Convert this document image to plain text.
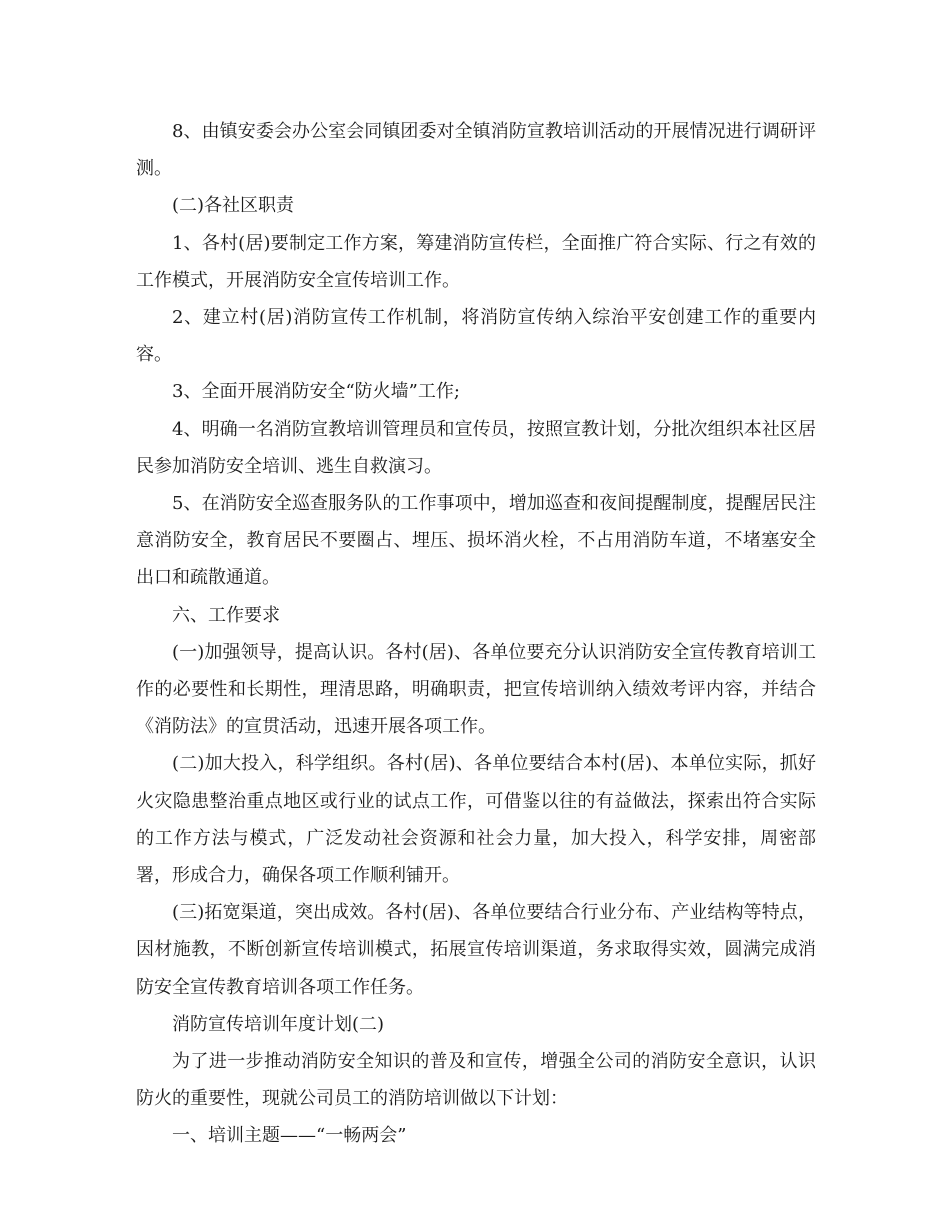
8、由镇安委会办公室会同镇团委对全镇消防宣教培训活动的开展情况进行调研评测。

(二)各社区职责

1、各村(居)要制定工作方案，筹建消防宣传栏，全面推广符合实际、行之有效的工作模式，开展消防安全宣传培训工作。

2、建立村(居)消防宣传工作机制，将消防宣传纳入综治平安创建工作的重要内容。

3、全面开展消防安全“防火墙”工作;

4、明确一名消防宣教培训管理员和宣传员，按照宣教计划，分批次组织本社区居民参加消防安全培训、逃生自救演习。

5、在消防安全巡查服务队的工作事项中，增加巡查和夜间提醒制度，提醒居民注意消防安全，教育居民不要圈占、埋压、损坏消火栓，不占用消防车道，不堵塞安全出口和疏散通道。

六、工作要求

(一)加强领导，提高认识。各村(居)、各单位要充分认识消防安全宣传教育培训工作的必要性和长期性，理清思路，明确职责，把宣传培训纳入绩效考评内容，并结合《消防法》的宣贯活动，迅速开展各项工作。

(二)加大投入，科学组织。各村(居)、各单位要结合本村(居)、本单位实际，抓好火灾隐患整治重点地区或行业的试点工作，可借鉴以往的有益做法，探索出符合实际的工作方法与模式，广泛发动社会资源和社会力量，加大投入，科学安排，周密部署，形成合力，确保各项工作顺利铺开。

(三)拓宽渠道，突出成效。各村(居)、各单位要结合行业分布、产业结构等特点，因材施教，不断创新宣传培训模式，拓展宣传培训渠道，务求取得实效，圆满完成消防安全宣传教育培训各项工作任务。

消防宣传培训年度计划(二)

为了进一步推动消防安全知识的普及和宣传，增强全公司的消防安全意识，认识防火的重要性，现就公司员工的消防培训做以下计划：

一、培训主题——“一畅两会”
